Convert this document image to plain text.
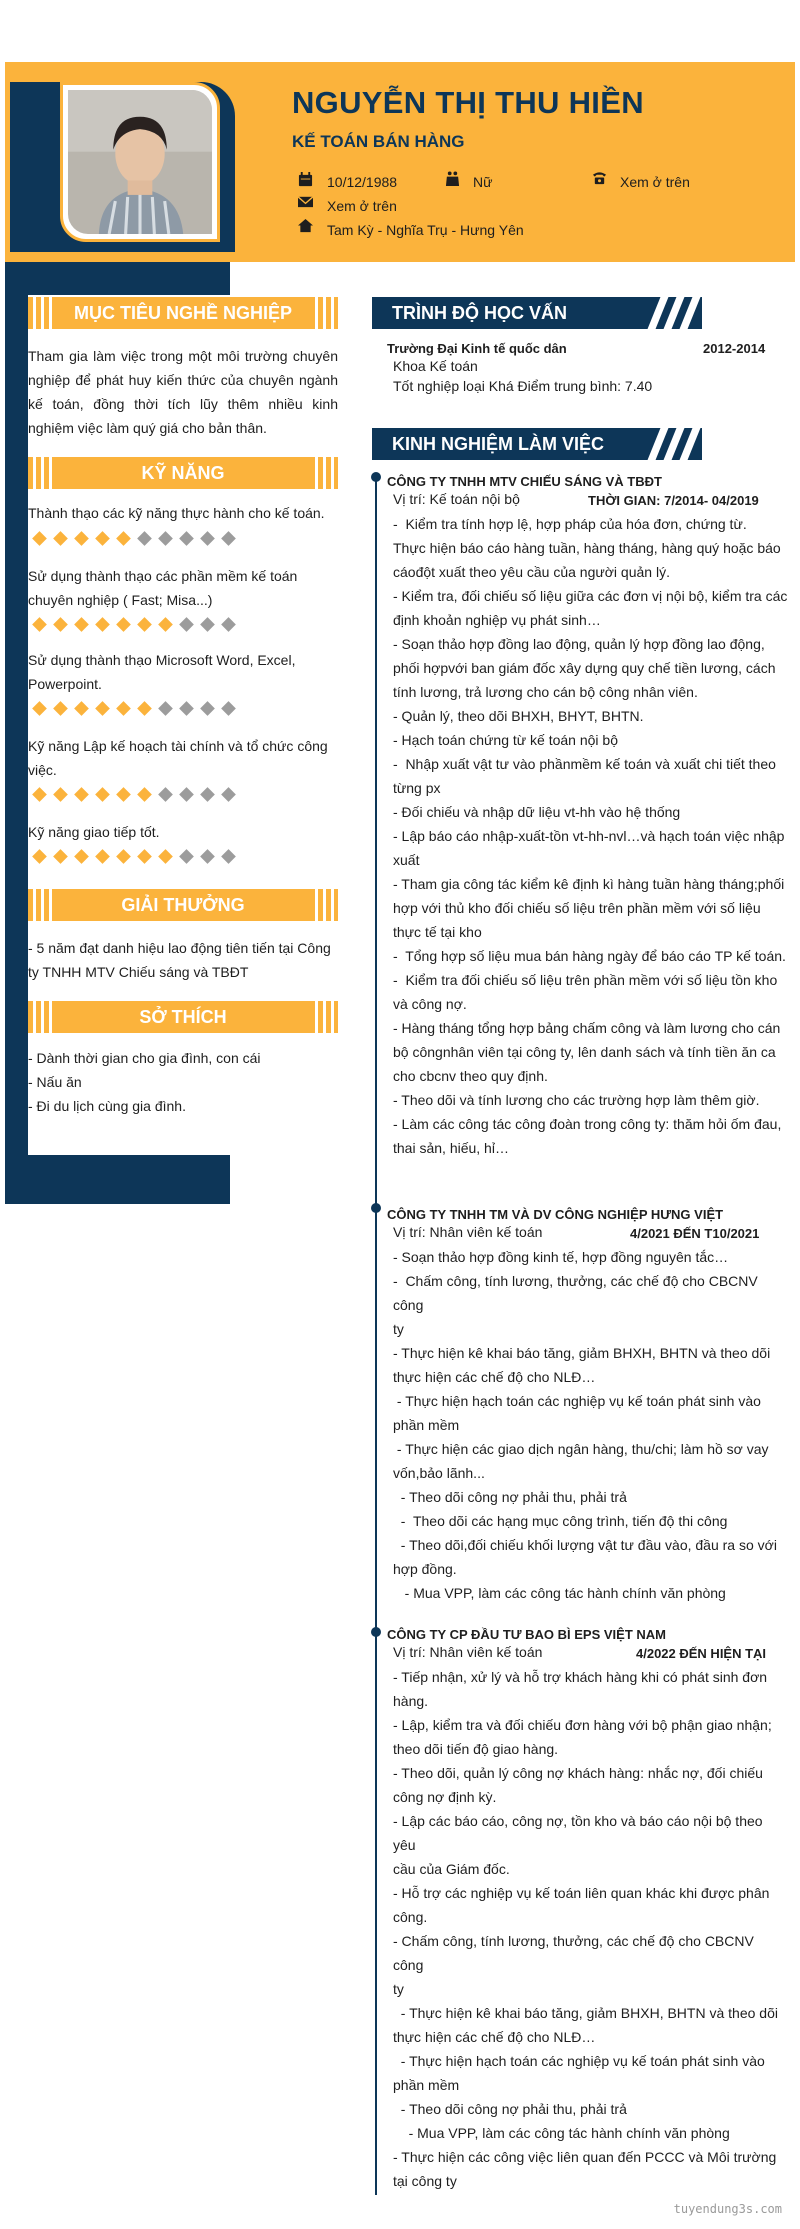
NGUYỄN THỊ THU HIỀN
KẾ TOÁN BÁN HÀNG
10/12/1988	Nữ	Xem ở trên
Xem ở trên
Tam Kỳ - Nghĩa Trụ - Hưng Yên
MỤC TIÊU NGHỀ NGHIỆP
Tham gia làm việc trong một môi trường chuyên nghiệp để phát huy kiến thức của chuyên ngành kế toán, đồng thời tích lũy thêm nhiều kinh nghiệm việc làm quý giá cho bản thân.
KỸ NĂNG
Thành thạo các kỹ năng thực hành cho kế toán.
Sử dụng thành thạo các phần mềm kế toán chuyên nghiệp ( Fast; Misa...)
Sử dụng thành thạo Microsoft Word, Excel, Powerpoint.
Kỹ năng Lập kế hoạch tài chính và tổ chức công việc.
Kỹ năng giao tiếp tốt.
GIẢI THƯỞNG
- 5 năm đạt danh hiệu lao động tiên tiến tại Công ty TNHH MTV Chiếu sáng và TBĐT
SỞ THÍCH
- Dành thời gian cho gia đình, con cái
- Nấu ăn
- Đi du lịch cùng gia đình.
TRÌNH ĐỘ HỌC VẤN
Trường Đại Kinh tế quốc dân	2012-2014
Khoa Kế toán
Tốt nghiệp loại Khá Điểm trung bình: 7.40
KINH NGHIỆM LÀM VIỆC
CÔNG TY TNHH MTV CHIẾU SÁNG VÀ TBĐT
Vị trí: Kế toán nội bộ	THỜI GIAN: 7/2014- 04/2019
-  Kiểm tra tính hợp lệ, hợp pháp của hóa đơn, chứng từ.
Thực hiện báo cáo hàng tuần, hàng tháng, hàng quý hoặc báo
cáođột xuất theo yêu cầu của người quản lý.
- Kiểm tra, đối chiếu số liệu giữa các đơn vị nội bộ, kiểm tra các
định khoản nghiệp vụ phát sinh…
- Soạn thảo hợp đồng lao động, quản lý hợp đồng lao động,
phối hợpvới ban giám đốc xây dựng quy chế tiền lương, cách
tính lương, trả lương cho cán bộ công nhân viên.
- Quản lý, theo dõi BHXH, BHYT, BHTN.
- Hạch toán chứng từ kế toán nội bộ
-  Nhập xuất vật tư vào phầnmềm kế toán và xuất chi tiết theo
từng px
- Đối chiếu và nhập dữ liệu vt-hh vào hệ thống
- Lập báo cáo nhập-xuất-tồn vt-hh-nvl…và hạch toán việc nhập
xuất
- Tham gia công tác kiểm kê định kì hàng tuần hàng tháng;phối
hợp với thủ kho đối chiếu số liệu trên phần mềm với số liệu
thực tế tại kho
-  Tổng hợp số liệu mua bán hàng ngày để báo cáo TP kế toán.
-  Kiểm tra đối chiếu số liệu trên phần mềm với số liệu tồn kho
và công nợ.
- Hàng tháng tổng hợp bảng chấm công và làm lương cho cán
bộ côngnhân viên tại công ty, lên danh sách và tính tiền ăn ca
cho cbcnv theo quy định.
- Theo dõi và tính lương cho các trường hợp làm thêm giờ.
- Làm các công tác công đoàn trong công ty: thăm hỏi ốm đau,
thai sản, hiếu, hỉ…
CÔNG TY TNHH TM VÀ DV CÔNG NGHIỆP HƯNG VIỆT
Vị trí: Nhân viên kế toán	4/2021 ĐẾN T10/2021
- Soạn thảo hợp đồng kinh tế, hợp đồng nguyên tắc…
-  Chấm công, tính lương, thưởng, các chế độ cho CBCNV công
ty
- Thực hiện kê khai báo tăng, giảm BHXH, BHTN và theo dõi
thực hiện các chế độ cho NLĐ…
- Thực hiện hạch toán các nghiệp vụ kế toán phát sinh vào
phần mềm
- Thực hiện các giao dịch ngân hàng, thu/chi; làm hồ sơ vay
vốn,bảo lãnh...
- Theo dõi công nợ phải thu, phải trả
-  Theo dõi các hạng mục công trình, tiến độ thi công
- Theo dõi,đối chiếu khối lượng vật tư đầu vào, đầu ra so với
hợp đồng.
- Mua VPP, làm các công tác hành chính văn phòng
CÔNG TY CP ĐẦU TƯ BAO BÌ EPS VIỆT NAM
Vị trí: Nhân viên kế toán	4/2022 ĐẾN HIỆN TẠI
- Tiếp nhận, xử lý và hỗ trợ khách hàng khi có phát sinh đơn
hàng.
- Lập, kiểm tra và đối chiếu đơn hàng với bộ phận giao nhận;
theo dõi tiến độ giao hàng.
- Theo dõi, quản lý công nợ khách hàng: nhắc nợ, đối chiếu
công nợ định kỳ.
- Lập các báo cáo, công nợ, tồn kho và báo cáo nội bộ theo yêu
cầu của Giám đốc.
- Hỗ trợ các nghiệp vụ kế toán liên quan khác khi được phân
công.
- Chấm công, tính lương, thưởng, các chế độ cho CBCNV công
ty
- Thực hiện kê khai báo tăng, giảm BHXH, BHTN và theo dõi
thực hiện các chế độ cho NLĐ…
- Thực hiện hạch toán các nghiệp vụ kế toán phát sinh vào
phần mềm
- Theo dõi công nợ phải thu, phải trả
- Mua VPP, làm các công tác hành chính văn phòng
- Thực hiện các công việc liên quan đến PCCC và Môi trường
tại công ty
tuyendung3s.com
